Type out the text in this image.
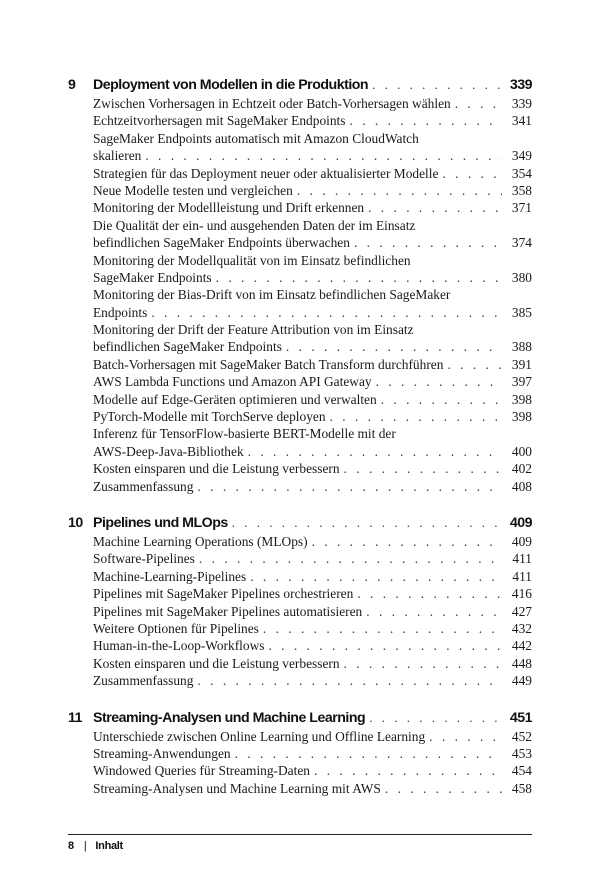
9	Deployment von Modellen in die Produktion . . .	339
Zwischen Vorhersagen in Echtzeit oder Batch-Vorhersagen wählen . . .	339
Echtzeitvorhersagen mit SageMaker Endpoints . . .	341
SageMaker Endpoints automatisch mit Amazon CloudWatch
skalieren . . .	349
Strategien für das Deployment neuer oder aktualisierter Modelle . . .	354
Neue Modelle testen und vergleichen . . .	358
Monitoring der Modellleistung und Drift erkennen . . .	371
Die Qualität der ein- und ausgehenden Daten der im Einsatz
befindlichen SageMaker Endpoints überwachen . . .	374
Monitoring der Modellqualität von im Einsatz befindlichen
SageMaker Endpoints . . .	380
Monitoring der Bias-Drift von im Einsatz befindlichen SageMaker
Endpoints . . .	385
Monitoring der Drift der Feature Attribution von im Einsatz
befindlichen SageMaker Endpoints . . .	388
Batch-Vorhersagen mit SageMaker Batch Transform durchführen . . .	391
AWS Lambda Functions und Amazon API Gateway . . .	397
Modelle auf Edge-Geräten optimieren und verwalten . . .	398
PyTorch-Modelle mit TorchServe deployen . . .	398
Inferenz für TensorFlow-basierte BERT-Modelle mit der
AWS-Deep-Java-Bibliothek . . .	400
Kosten einsparen und die Leistung verbessern . . .	402
Zusammenfassung . . .	408
10 Pipelines und MLOps . . .	409
Machine Learning Operations (MLOps) . . .	409
Software-Pipelines . . .	411
Machine-Learning-Pipelines . . .	411
Pipelines mit SageMaker Pipelines orchestrieren . . .	416
Pipelines mit SageMaker Pipelines automatisieren . . .	427
Weitere Optionen für Pipelines . . .	432
Human-in-the-Loop-Workflows . . .	442
Kosten einsparen und die Leistung verbessern . . .	448
Zusammenfassung . . .	449
11 Streaming-Analysen und Machine Learning . . .	451
Unterschiede zwischen Online Learning und Offline Learning . . .	452
Streaming-Anwendungen . . .	453
Windowed Queries für Streaming-Daten . . .	454
Streaming-Analysen und Machine Learning mit AWS . . .	458
8 | Inhalt
